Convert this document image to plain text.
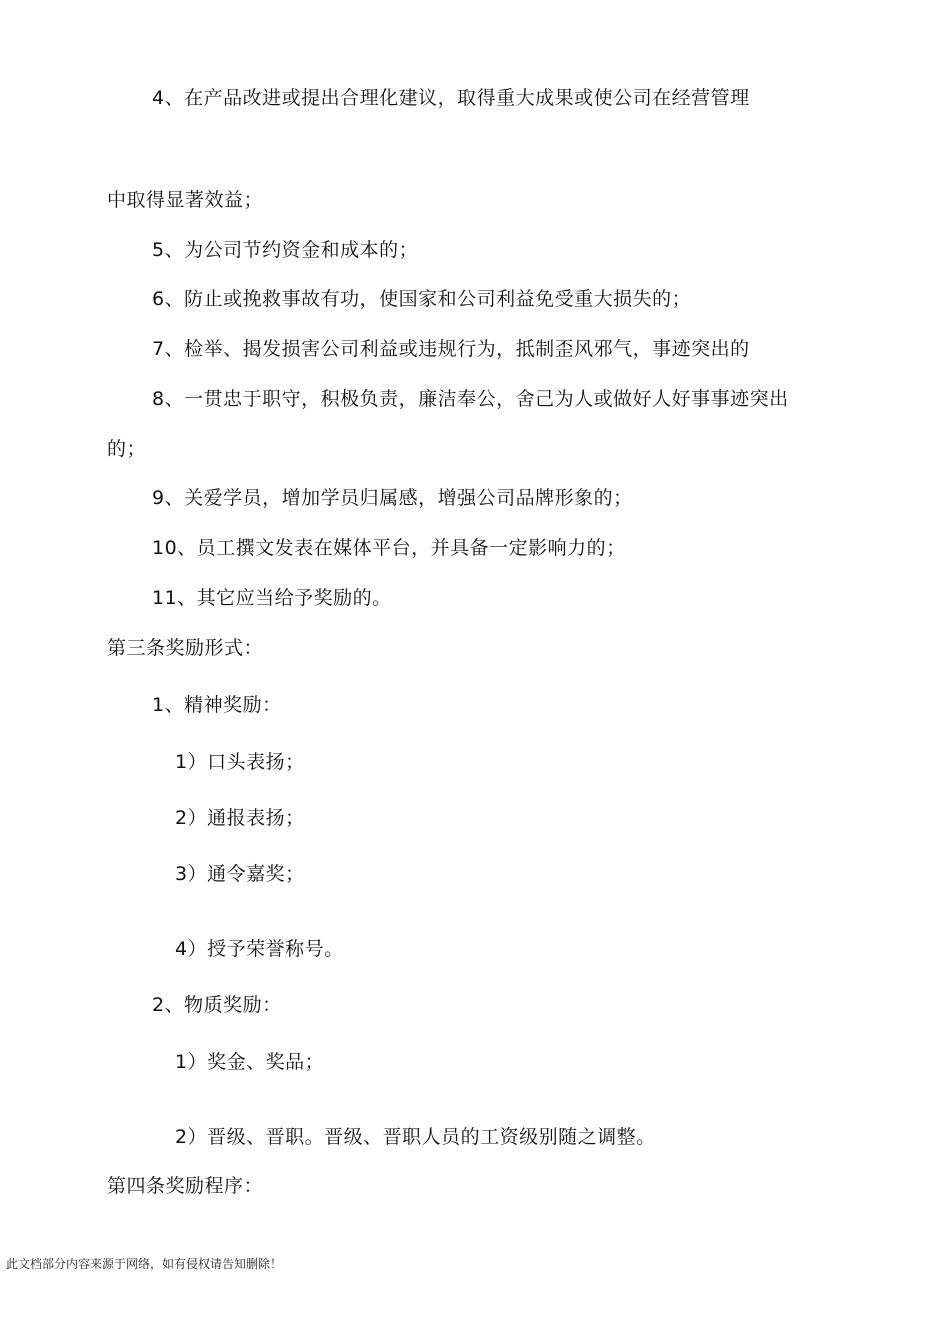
4、在产品改进或提出合理化建议，取得重大成果或使公司在经营管理
中取得显著效益；
5、为公司节约资金和成本的；
6、防止或挽救事故有功，使国家和公司利益免受重大损失的；
7、检举、揭发损害公司利益或违规行为，抵制歪风邪气，事迹突出的
8、一贯忠于职守，积极负责，廉洁奉公，舍己为人或做好人好事事迹突出
的；
9、关爱学员，增加学员归属感，增强公司品牌形象的；
10、员工撰文发表在媒体平台，并具备一定影响力的；
11、其它应当给予奖励的。
第三条奖励形式：
1、精神奖励：
1）口头表扬；
2）通报表扬；
3）通令嘉奖；
4）授予荣誉称号。
2、物质奖励：
1）奖金、奖品；
2）晋级、晋职。晋级、晋职人员的工资级别随之调整。
第四条奖励程序：
此文档部分内容来源于网络，如有侵权请告知删除！
